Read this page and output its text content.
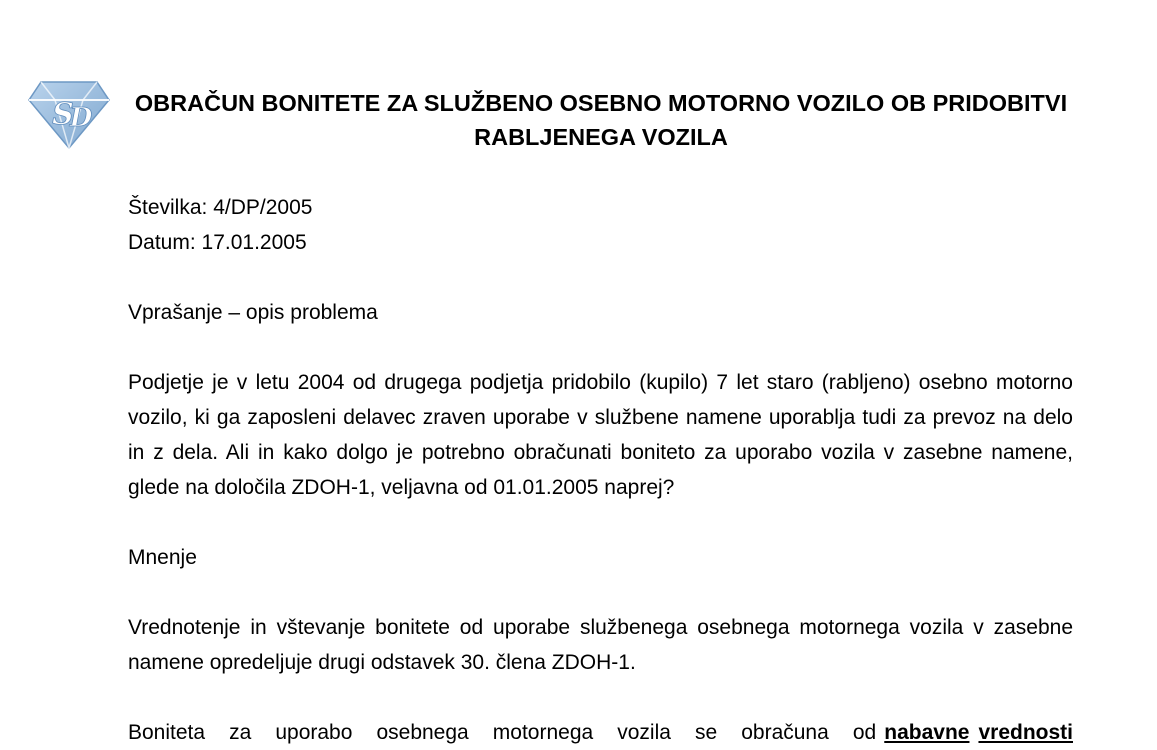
S
D OBRAČUN BONITETE ZA SLUŽBENO OSEBNO MOTORNO VOZILO OB PRIDOBITVI RABLJENEGA VOZILA
Številka: 4/DP/2005
Datum: 17.01.2005

Vprašanje – opis problema

Podjetje je v letu 2004 od drugega podjetja pridobilo (kupilo) 7 let staro (rabljeno) osebno motorno vozilo, ki ga zaposleni delavec zraven uporabe v službene namene uporablja tudi za prevoz na delo in z dela. Ali in kako dolgo je potrebno obračunati boniteto za uporabo vozila v zasebne namene, glede na določila ZDOH-1, veljavna od 01.01.2005 naprej?

Mnenje

Vrednotenje in vštevanje bonitete od uporabe službenega osebnega motornega vozila v zasebne namene opredeljuje drugi odstavek 30. člena ZDOH-1.

Boniteta za uporabo osebnega motornega vozila se obračuna od nabavne vrednosti
